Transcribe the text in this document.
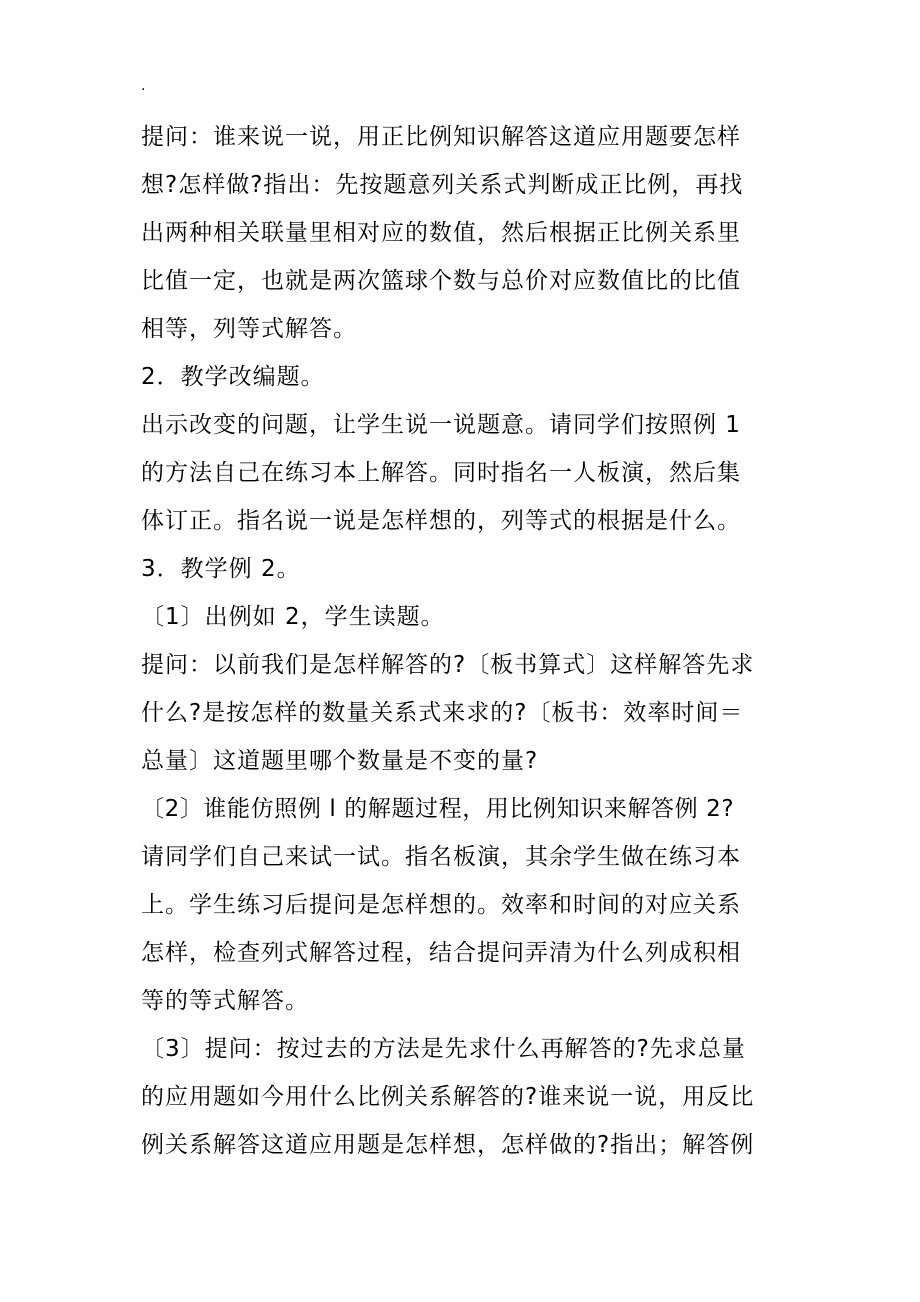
.
提问：谁来说一说，用正比例知识解答这道应用题要怎样
想?怎样做?指出：先按题意列关系式判断成正比例，再找
出两种相关联量里相对应的数值，然后根据正比例关系里
比值一定，也就是两次篮球个数与总价对应数值比的比值
相等，列等式解答。
2．教学改编题。
出示改变的问题，让学生说一说题意。请同学们按照例 1
的方法自己在练习本上解答。同时指名一人板演，然后集
体订正。指名说一说是怎样想的，列等式的根据是什么。
3．教学例 2。
〔1〕出例如 2，学生读题。
提问：以前我们是怎样解答的?〔板书算式〕这样解答先求
什么?是按怎样的数量关系式来求的?〔板书：效率时间＝
总量〕这道题里哪个数量是不变的量?
〔2〕谁能仿照例 l 的解题过程，用比例知识来解答例 2?
请同学们自己来试一试。指名板演，其余学生做在练习本
上。学生练习后提问是怎样想的。效率和时间的对应关系
怎样，检查列式解答过程，结合提问弄清为什么列成积相
等的等式解答。
〔3〕提问：按过去的方法是先求什么再解答的?先求总量
的应用题如今用什么比例关系解答的?谁来说一说，用反比
例关系解答这道应用题是怎样想，怎样做的?指出；解答例
